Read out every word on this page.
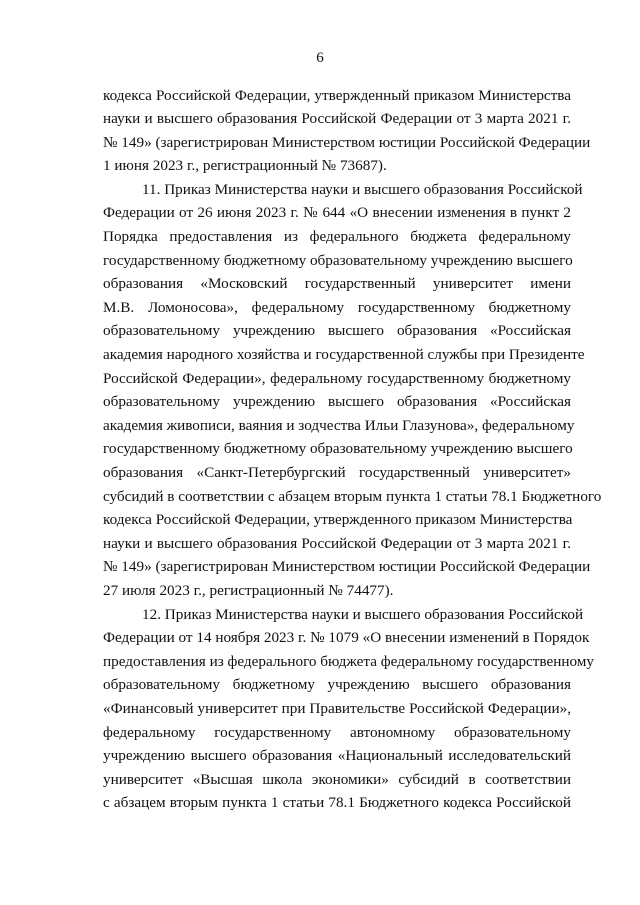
6
кодекса Российской Федерации, утвержденный приказом Министерства
науки и высшего образования Российской Федерации от 3 марта 2021 г.
№ 149» (зарегистрирован Министерством юстиции Российской Федерации
1 июня 2023 г., регистрационный № 73687).
11. Приказ Министерства науки и высшего образования Российской
Федерации от 26 июня 2023 г. № 644 «О внесении изменения в пункт 2
Порядка предоставления из федерального бюджета федеральному
государственному бюджетному образовательному учреждению высшего
образования «Московский государственный университет имени
М.В. Ломоносова», федеральному государственному бюджетному
образовательному учреждению высшего образования «Российская
академия народного хозяйства и государственной службы при Президенте
Российской Федерации», федеральному государственному бюджетному
образовательному учреждению высшего образования «Российская
академия живописи, ваяния и зодчества Ильи Глазунова», федеральному
государственному бюджетному образовательному учреждению высшего
образования «Санкт-Петербургский государственный университет»
субсидий в соответствии с абзацем вторым пункта 1 статьи 78.1 Бюджетного
кодекса Российской Федерации, утвержденного приказом Министерства
науки и высшего образования Российской Федерации от 3 марта 2021 г.
№ 149» (зарегистрирован Министерством юстиции Российской Федерации
27 июля 2023 г., регистрационный № 74477).
12. Приказ Министерства науки и высшего образования Российской
Федерации от 14 ноября 2023 г. № 1079 «О внесении изменений в Порядок
предоставления из федерального бюджета федеральному государственному
образовательному бюджетному учреждению высшего образования
«Финансовый университет при Правительстве Российской Федерации»,
федеральному государственному автономному образовательному
учреждению высшего образования «Национальный исследовательский
университет «Высшая школа экономики» субсидий в соответствии
с абзацем вторым пункта 1 статьи 78.1 Бюджетного кодекса Российской
